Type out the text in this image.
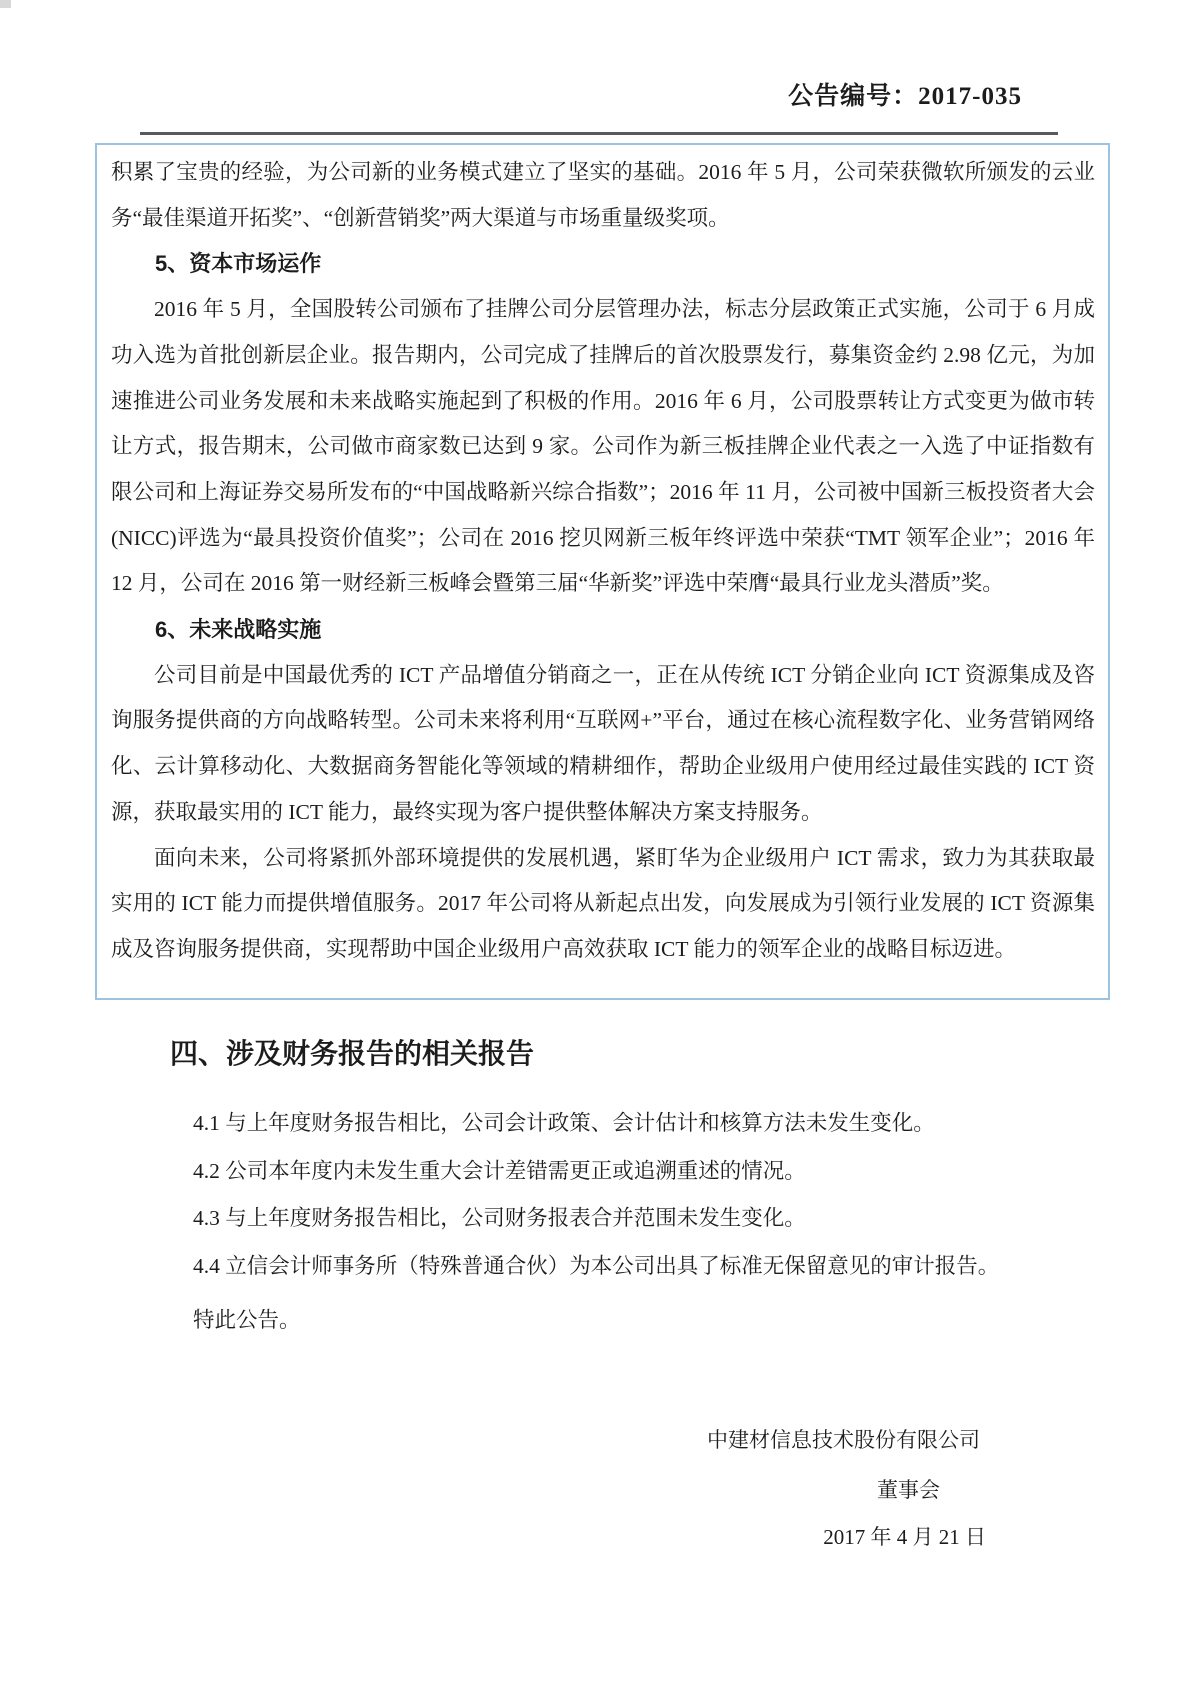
公告编号：2017-035

积累了宝贵的经验，为公司新的业务模式建立了坚实的基础。2016 年 5 月，公司荣获微软所颁发的云业务“最佳渠道开拓奖”、“创新营销奖”两大渠道与市场重量级奖项。

5、资本市场运作

2016 年 5 月，全国股转公司颁布了挂牌公司分层管理办法，标志分层政策正式实施，公司于 6 月成功入选为首批创新层企业。报告期内，公司完成了挂牌后的首次股票发行，募集资金约 2.98 亿元，为加速推进公司业务发展和未来战略实施起到了积极的作用。2016 年 6 月，公司股票转让方式变更为做市转让方式，报告期末，公司做市商家数已达到 9 家。公司作为新三板挂牌企业代表之一入选了中证指数有限公司和上海证券交易所发布的“中国战略新兴综合指数”；2016 年 11 月，公司被中国新三板投资者大会(NICC)评选为“最具投资价值奖”；公司在 2016 挖贝网新三板年终评选中荣获“TMT 领军企业”；2016 年 12 月，公司在 2016 第一财经新三板峰会暨第三届“华新奖”评选中荣膺“最具行业龙头潜质”奖。

6、未来战略实施

公司目前是中国最优秀的 ICT 产品增值分销商之一，正在从传统 ICT 分销企业向 ICT 资源集成及咨询服务提供商的方向战略转型。公司未来将利用“互联网+”平台，通过在核心流程数字化、业务营销网络化、云计算移动化、大数据商务智能化等领域的精耕细作，帮助企业级用户使用经过最佳实践的 ICT 资源，获取最实用的 ICT 能力，最终实现为客户提供整体解决方案支持服务。

面向未来，公司将紧抓外部环境提供的发展机遇，紧盯华为企业级用户 ICT 需求，致力为其获取最实用的 ICT 能力而提供增值服务。2017 年公司将从新起点出发，向发展成为引领行业发展的 ICT 资源集成及咨询服务提供商，实现帮助中国企业级用户高效获取 ICT 能力的领军企业的战略目标迈进。

四、涉及财务报告的相关报告
4.1 与上年度财务报告相比，公司会计政策、会计估计和核算方法未发生变化。
4.2 公司本年度内未发生重大会计差错需更正或追溯重述的情况。
4.3 与上年度财务报告相比，公司财务报表合并范围未发生变化。
4.4 立信会计师事务所（特殊普通合伙）为本公司出具了标准无保留意见的审计报告。
特此公告。
中建材信息技术股份有限公司
董事会
2017 年 4 月 21 日
